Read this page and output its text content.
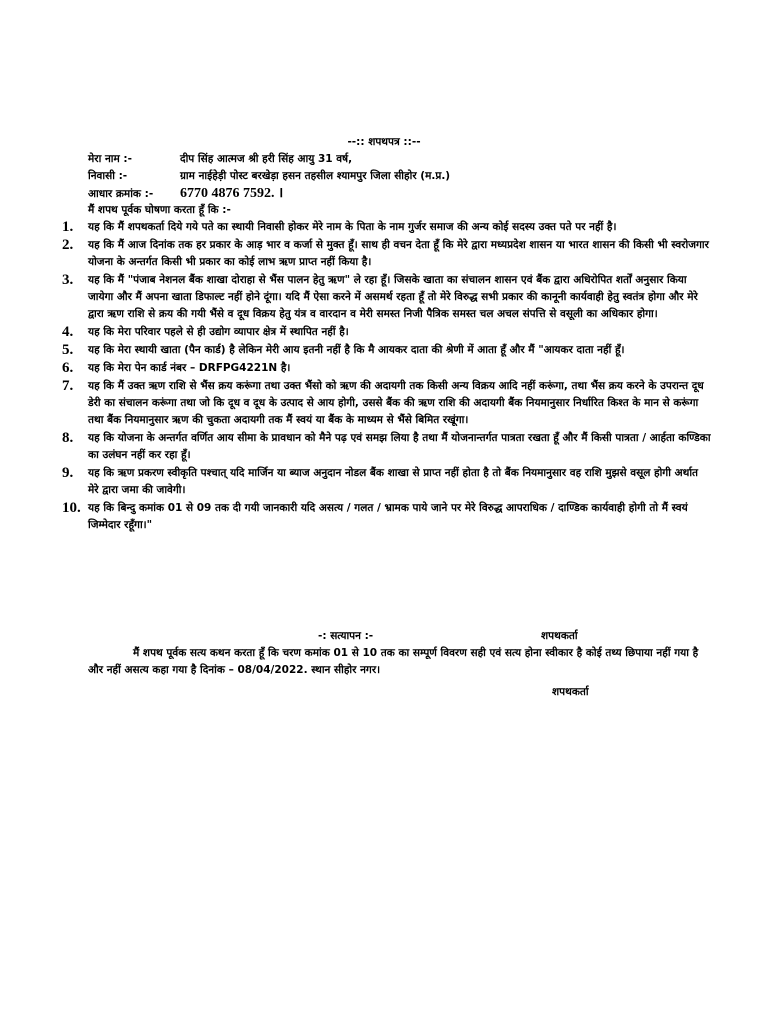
--:: शपथपत्र ::--
मेरा नाम :-	दीप सिंह आत्मज श्री हरी सिंह आयु 31 वर्ष,
निवासी :-	ग्राम नाईहेड़ी पोस्ट बरखेड़ा हसन तहसील श्यामपुर जिला सीहोर (म.प्र.)
आधार क्रमांक :- 6770 4876 7592. ।
मैं शपथ पूर्वक घोषणा करता हूँ कि :-
1.	यह कि मैं शपथकर्ता दिये गये पते का स्थायी निवासी होकर मेरे नाम के पिता के नाम गुर्जर समाज की अन्य कोई सदस्य उक्त पते पर नहीं है।
2.	यह कि मैं आज दिनांक तक हर प्रकार के आड़ भार व कर्जा से मुक्त हूँ। साथ ही वचन देता हूँ कि मेरे द्वारा मध्यप्रदेश शासन या भारत शासन की किसी भी स्वरोजगार योजना के अन्तर्गत किसी भी प्रकार का कोई लाभ ऋण प्राप्त नहीं किया है।
3.	यह कि मैं "पंजाब नेशनल बैंक शाखा दोराहा से भैंस पालन हेतु ऋण" ले रहा हूँ। जिसके खाता का संचालन शासन एवं बैंक द्वारा अधिरोपित शर्तों अनुसार किया जायेगा और मैं अपना खाता डिफाल्ट नहीं होने दूंगा। यदि मैं ऐसा करने में असमर्थ रहता हूँ तो मेरे विरुद्ध सभी प्रकार की कानूनी कार्यवाही हेतु स्वतंत्र होगा और मेरे द्वारा ऋण राशि से क्रय की गयी भैंसे व दूध विक्रय हेतु यंत्र व वारदान व मेरी समस्त निजी पैत्रिक समस्त चल अचल संपत्ति से वसूली का अधिकार होगा।
4.	यह कि मेरा परिवार पहले से ही उद्योग व्यापार क्षेत्र में स्थापित नहीं है।
5.	यह कि मेरा स्थायी खाता (पैन कार्ड) है लेकिन मेरी आय इतनी नहीं है कि मै आयकर दाता की श्रेणी में आता हूँ और मैं "आयकर दाता नहीं हूँ।
6.	यह कि मेरा पेन कार्ड नंबर – DRFPG4221N है।
7.	यह कि मैं उक्त ऋण राशि से भैंस क्रय करूंगा तथा उक्त भैंसो को ऋण की अदायगी तक किसी अन्य विक्रय आदि नहीं करूंगा, तथा भैंस क्रय करने के उपरान्त दूध डेरी का संचालन करूंगा तथा जो कि दूध व दूध के उत्पाद से आय होगी, उससे बैंक की ऋण राशि की अदायगी बैंक नियमानुसार निर्धारित किश्त के मान से करूंगा तथा बैंक नियमानुसार ऋण की चुकता अदायगी तक मैं स्वयं या बैंक के माध्यम से भैंसे बिमित रखूंगा।
8.	यह कि योजना के अन्तर्गत वर्णित आय सीमा के प्रावधान को मैने पढ़ एवं समझ लिया है तथा मैं योजनान्तर्गत पात्रता रखता हूँ और मैं किसी पात्रता / आर्हता कण्डिका का उलंघन नहीं कर रहा हूँ।
9.	यह कि ऋण प्रकरण स्वीकृति पश्चात् यदि मार्जिन या ब्याज अनुदान नोडल बैंक शाखा से प्राप्त नहीं होता है तो बैंक नियमानुसार वह राशि मुझसे वसूल होगी अर्थात मेरे द्वारा जमा की जावेगी।
10. यह कि बिन्दु कमांक 01 से 09 तक दी गयी जानकारी यदि असत्य / गलत / भ्रामक पाये जाने पर मेरे विरुद्ध आपराधिक / दाण्डिक कार्यवाही होगी तो मैं स्वयं जिम्मेदार रहूँगा।"
-: सत्यापन :-	शपथकर्ता
मैं शपथ पूर्वक सत्य कथन करता हूँ कि चरण कमांक 01 से 10 तक का सम्पूर्ण विवरण सही एवं सत्य होना स्वीकार है कोई तथ्य छिपाया नहीं गया है और नहीं असत्य कहा गया है दिनांक – 08/04/2022. स्थान सीहोर नगर।
शपथकर्ता
